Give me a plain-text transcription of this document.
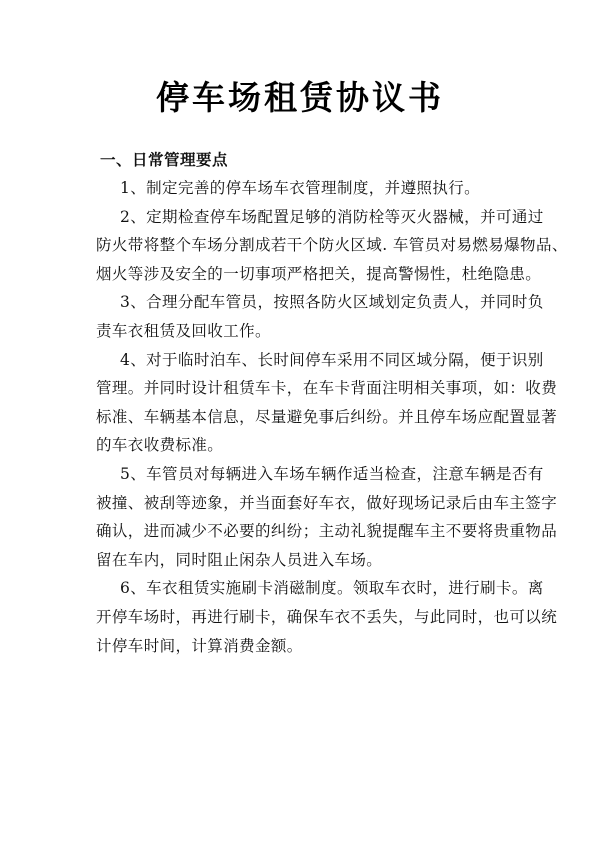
停车场租赁协议书
一、日常管理要点

1、制定完善的停车场车衣管理制度，并遵照执行。

2、定期检查停车场配置足够的消防栓等灭火器械，并可通过
防火带将整个车场分割成若干个防火区域. 车管员对易燃易爆物品、
烟火等涉及安全的一切事项严格把关，提高警惕性，杜绝隐患。

3、合理分配车管员，按照各防火区域划定负责人，并同时负
责车衣租赁及回收工作。

4、对于临时泊车、长时间停车采用不同区域分隔，便于识别
管理。并同时设计租赁车卡，在车卡背面注明相关事项，如：收费
标准、车辆基本信息，尽量避免事后纠纷。并且停车场应配置显著
的车衣收费标准。

5、车管员对每辆进入车场车辆作适当检查，注意车辆是否有
被撞、被刮等迹象，并当面套好车衣，做好现场记录后由车主签字
确认，进而减少不必要的纠纷；主动礼貌提醒车主不要将贵重物品
留在车内，同时阻止闲杂人员进入车场。

6、车衣租赁实施刷卡消磁制度。领取车衣时，进行刷卡。离
开停车场时，再进行刷卡，确保车衣不丢失，与此同时，也可以统
计停车时间，计算消费金额。
